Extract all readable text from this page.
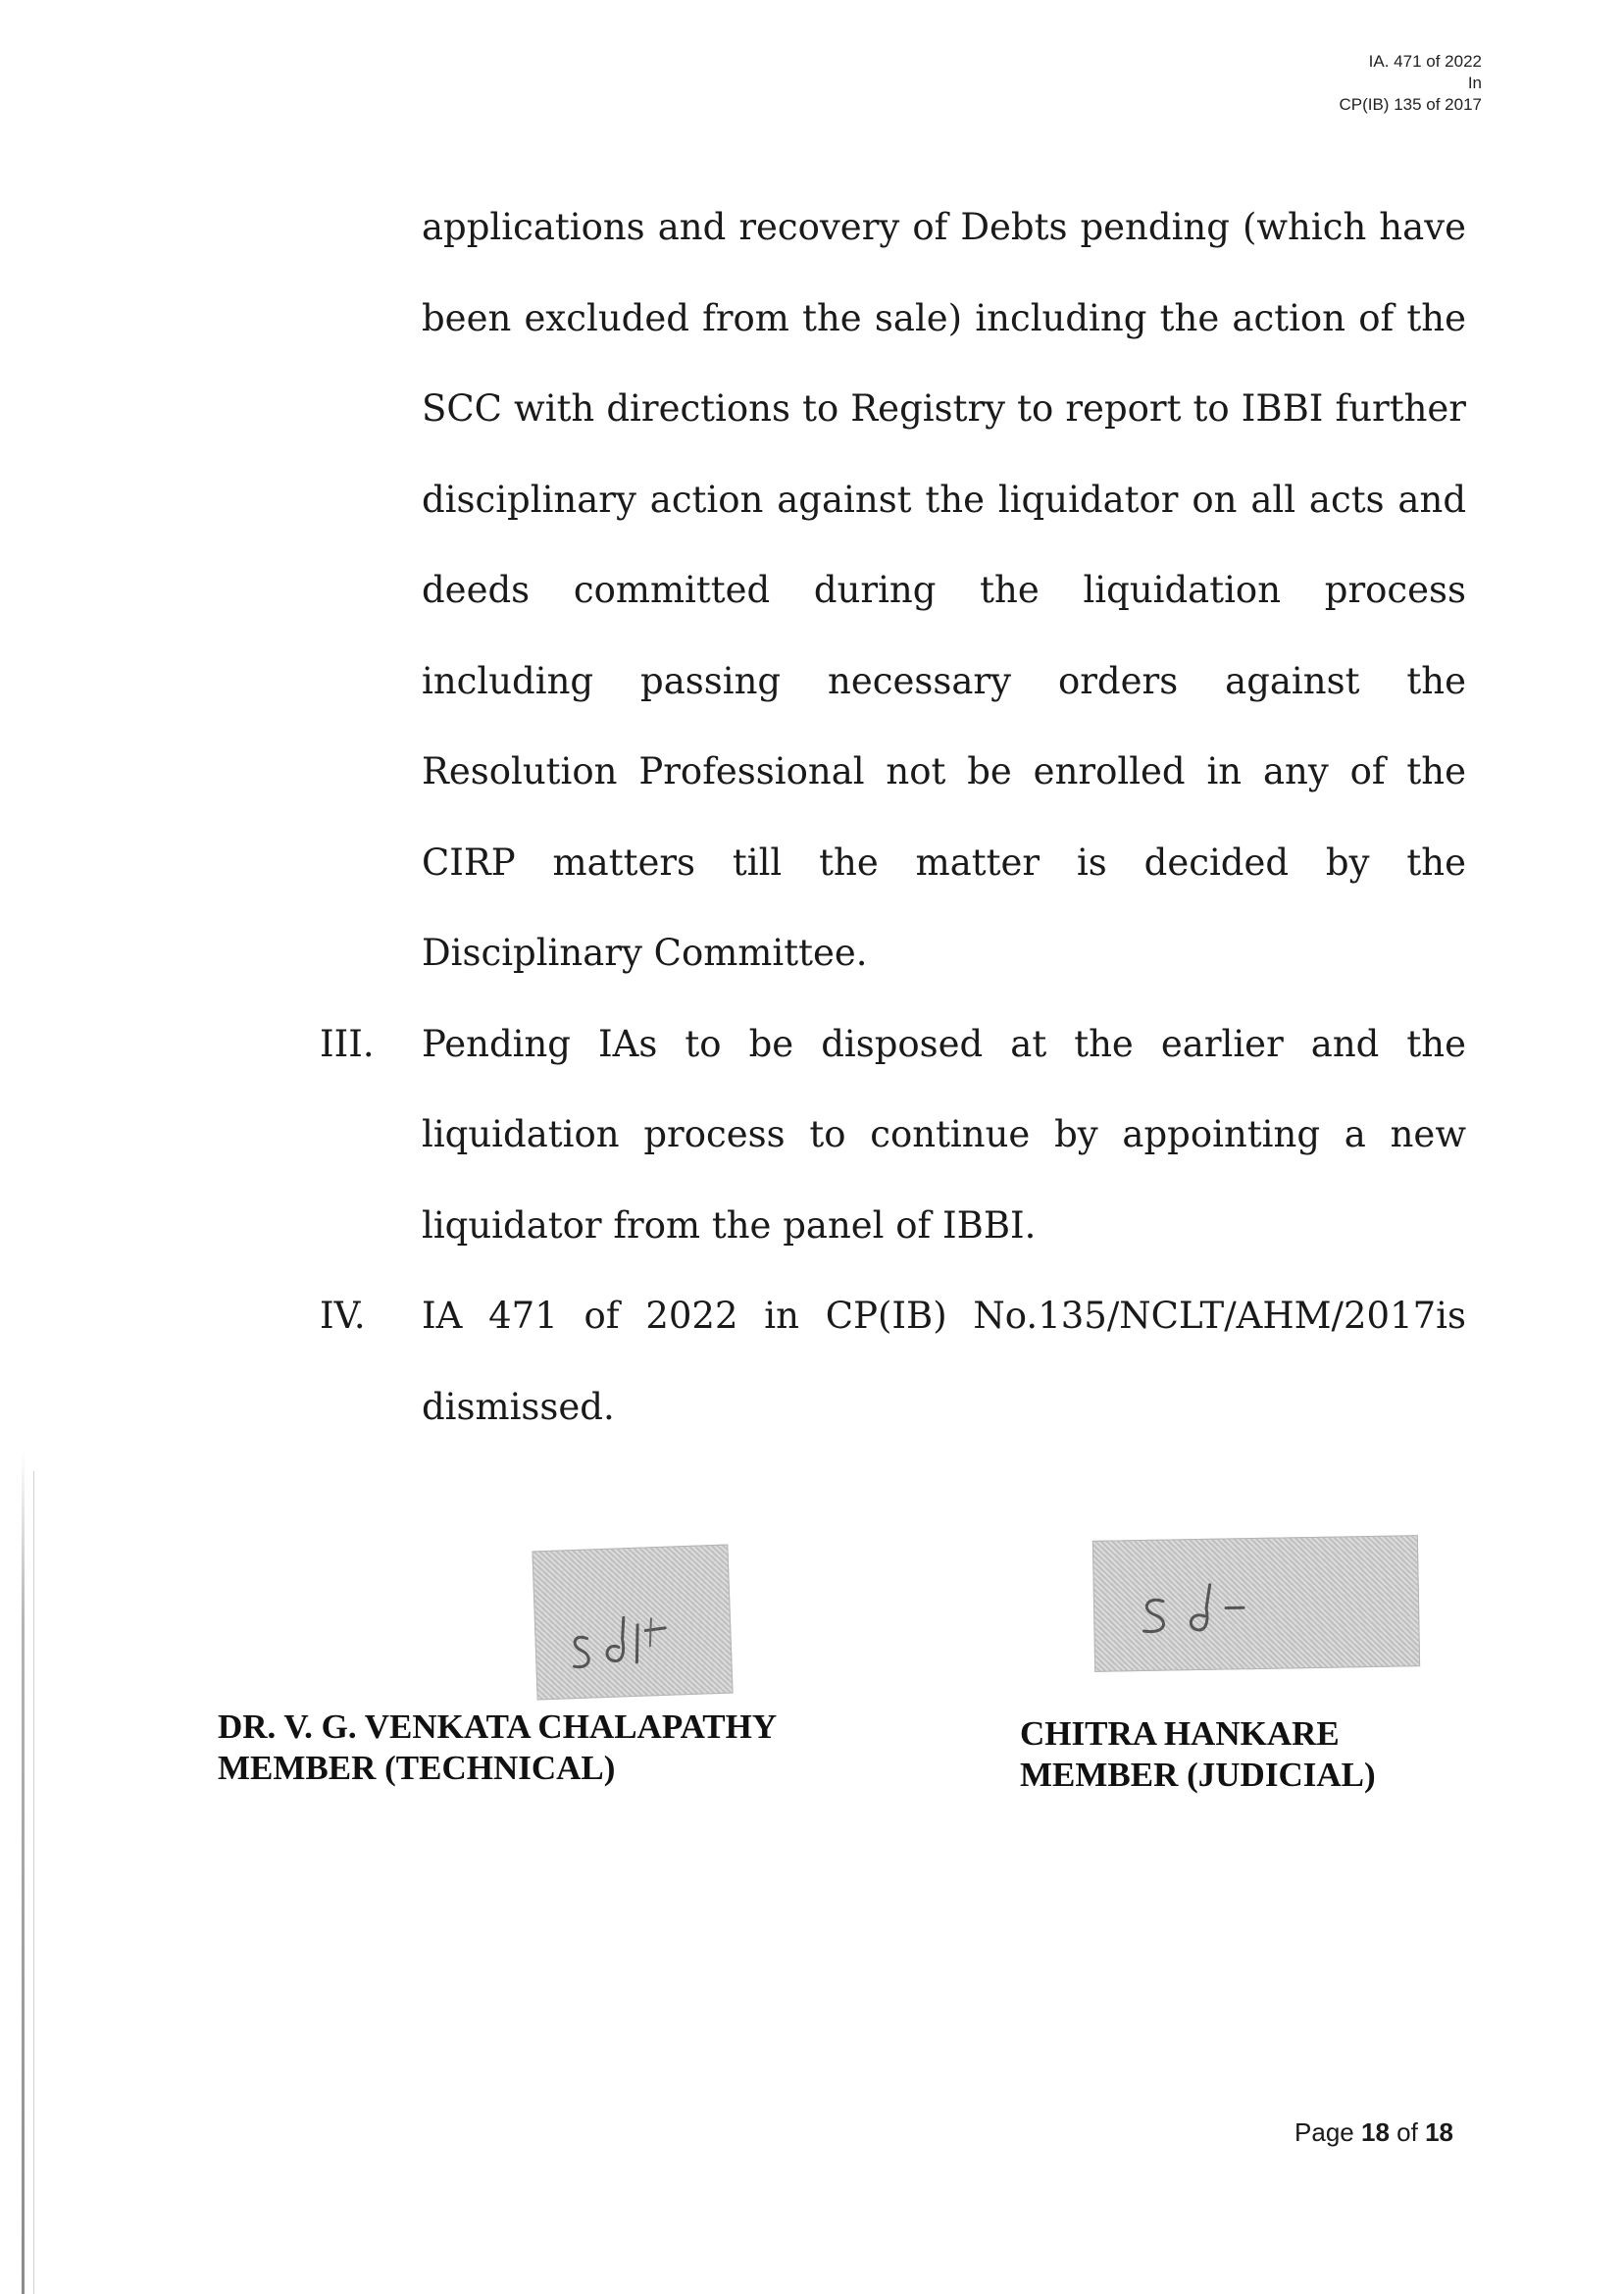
IA. 471 of 2022
In
CP(IB) 135 of 2017

applications and recovery of Debts pending (which have been excluded from the sale) including the action of the SCC with directions to Registry to report to IBBI further disciplinary action against the liquidator on all acts and deeds committed during the liquidation process including passing necessary orders against the Resolution Professional not be enrolled in any of the CIRP matters till the matter is decided by the Disciplinary Committee.

III. Pending IAs to be disposed at the earlier and the liquidation process to continue by appointing a new liquidator from the panel of IBBI.
IV. IA 471 of 2022 in CP(IB) No.135/NCLT/AHM/2017is dismissed.
DR. V. G. VENKATA CHALAPATHY
MEMBER (TECHNICAL)
CHITRA HANKARE
MEMBER (JUDICIAL)
Page 18 of 18
